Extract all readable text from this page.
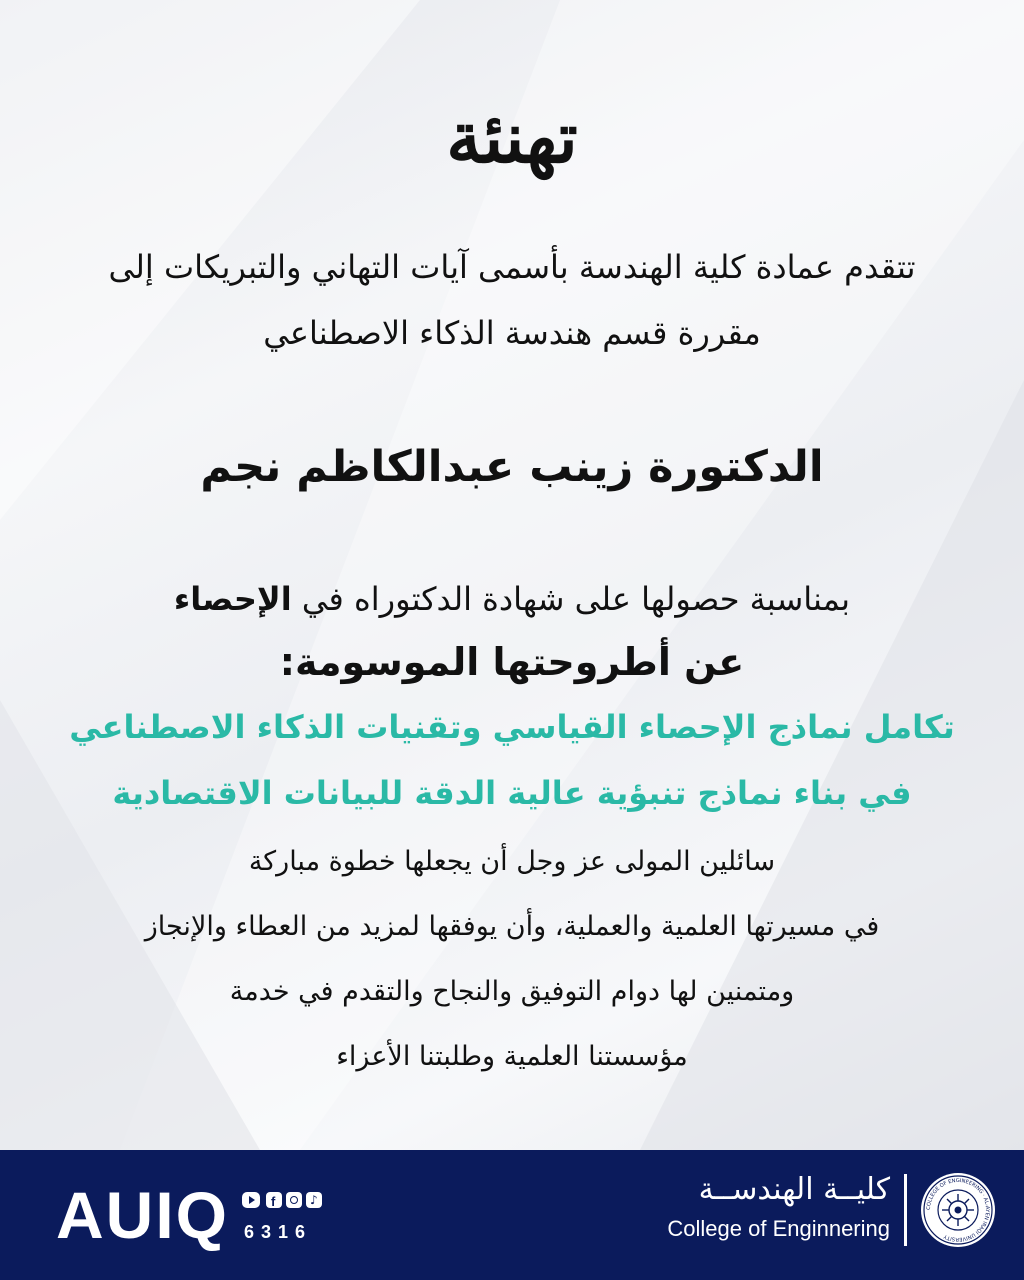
تهنئة
تتقدم عمادة كلية الهندسة بأسمى آيات التهاني والتبريكات إلى
مقررة قسم هندسة الذكاء الاصطناعي
الدكتورة زينب عبدالكاظم نجم
بمناسبة حصولها على شهادة الدكتوراه في الإحصاء
عن أطروحتها الموسومة:
تكامل نماذج الإحصاء القياسي وتقنيات الذكاء الاصطناعي
في بناء نماذج تنبؤية عالية الدقة للبيانات الاقتصادية
سائلين المولى عز وجل أن يجعلها خطوة مباركة
في مسيرتها العلمية والعملية، وأن يوفقها لمزيد من العطاء والإنجاز
ومتمنين لها دوام التوفيق والنجاح والتقدم في خدمة
مؤسستنا العلمية وطلبتنا الأعزاء
AUIQ	f	♪
6316
كليــة الهندســة
College of Enginnering
COLLEGE OF ENGINEERING · AL-AYEN IRAQI UNIVERSITY
